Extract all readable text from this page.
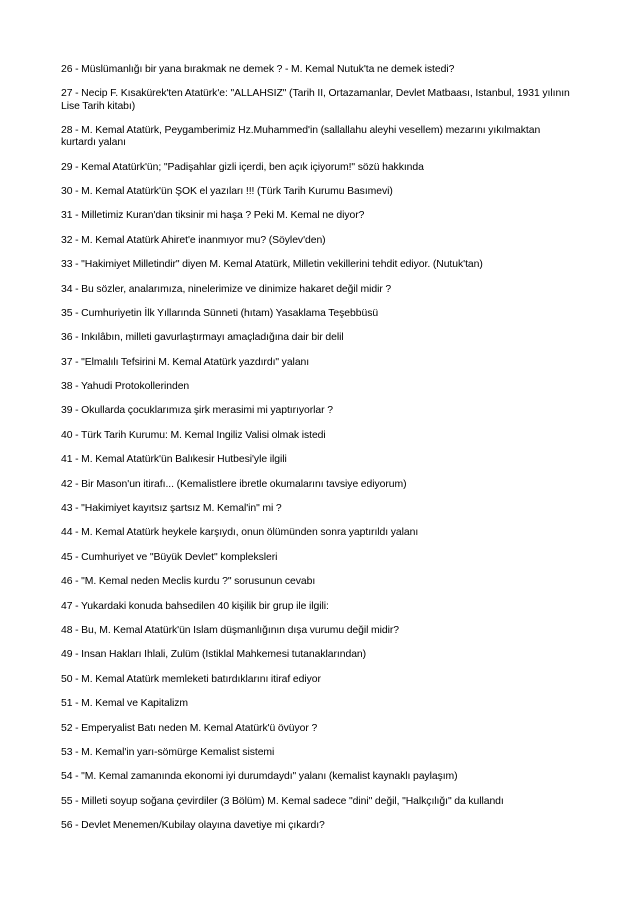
26 - Müslümanlığı bir yana bırakmak ne demek ? - M. Kemal Nutuk'ta ne demek istedi?

27 - Necip F. Kısakürek'ten Atatürk'e: "ALLAHSIZ" (Tarih II, Ortazamanlar, Devlet Matbaası, Istanbul, 1931 yılının Lise Tarih kitabı)

28 - M. Kemal Atatürk, Peygamberimiz Hz.Muhammed'in (sallallahu aleyhi vesellem) mezarını yıkılmaktan kurtardı yalanı

29 - Kemal Atatürk'ün; "Padişahlar gizli içerdi, ben açık içiyorum!" sözü hakkında

30 - M. Kemal Atatürk'ün ŞOK el yazıları !!! (Türk Tarih Kurumu Basımevi)

31 - Milletimiz Kuran'dan tiksinir mi haşa ? Peki M. Kemal ne diyor?

32 - M. Kemal Atatürk Ahiret'e inanmıyor mu? (Söylev'den)

33 - "Hakimiyet Milletindir" diyen M. Kemal Atatürk, Milletin vekillerini tehdit ediyor. (Nutuk'tan)

34 - Bu sözler, analarımıza, ninelerimize ve dinimize hakaret değil midir ?

35 - Cumhuriyetin İlk Yıllarında Sünneti (hıtam) Yasaklama Teşebbüsü

36 - Inkılâbın, milleti gavurlaştırmayı amaçladığına dair bir delil

37 - "Elmalılı Tefsirini M. Kemal Atatürk yazdırdı" yalanı

38 - Yahudi Protokollerinden

39 - Okullarda çocuklarımıza şirk merasimi mi yaptırıyorlar ?

40 - Türk Tarih Kurumu: M. Kemal Ingiliz Valisi olmak istedi

41 - M. Kemal Atatürk'ün Balıkesir Hutbesi'yle ilgili

42 - Bir Mason'un itirafı... (Kemalistlere ibretle okumalarını tavsiye ediyorum)

43 - "Hakimiyet kayıtsız şartsız M. Kemal'in" mi ?

44 - M. Kemal Atatürk heykele karşıydı, onun ölümünden sonra yaptırıldı yalanı

45 - Cumhuriyet ve "Büyük Devlet" kompleksleri

46 - "M. Kemal neden Meclis kurdu ?" sorusunun cevabı

47 - Yukardaki konuda bahsedilen 40 kişilik bir grup ile ilgili:

48 - Bu, M. Kemal Atatürk'ün Islam düşmanlığının dışa vurumu değil midir?

49 - Insan Hakları Ihlali, Zulüm (Istiklal Mahkemesi tutanaklarından)

50 - M. Kemal Atatürk memleketi batırdıklarını itiraf ediyor

51 - M. Kemal ve Kapitalizm

52 - Emperyalist Batı neden M. Kemal Atatürk'ü övüyor ?

53 - M. Kemal'in yarı-sömürge Kemalist sistemi

54 - "M. Kemal zamanında ekonomi iyi durumdaydı" yalanı (kemalist kaynaklı paylaşım)

55 - Milleti soyup soğana çevirdiler (3 Bölüm) M. Kemal sadece "dini" değil, "Halkçılığı" da kullandı

56 - Devlet Menemen/Kubilay olayına davetiye mi çıkardı?
